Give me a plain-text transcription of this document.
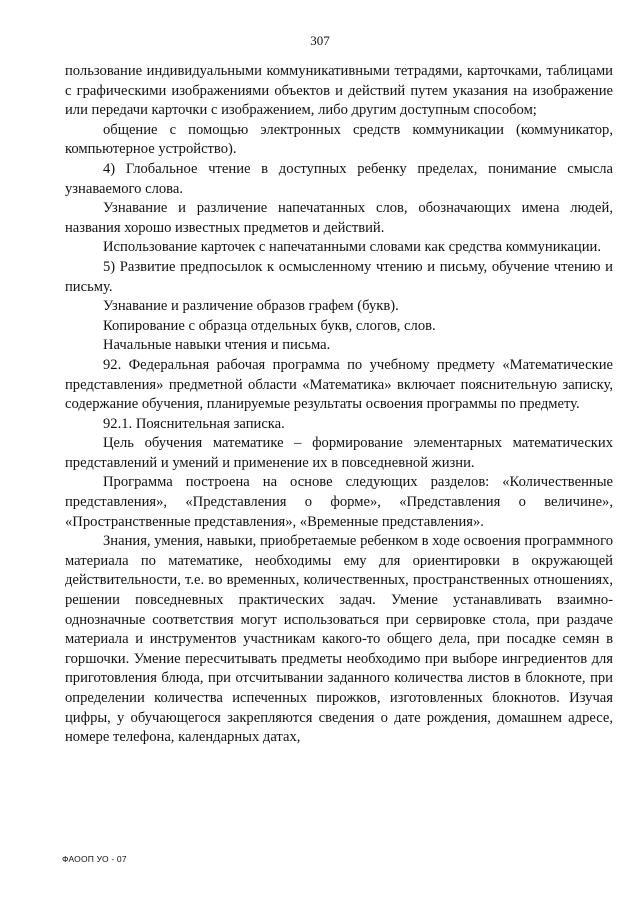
307

пользование индивидуальными коммуникативными тетрадями, карточками, таблицами с графическими изображениями объектов и действий путем указания на изображение или передачи карточки с изображением, либо другим доступным способом;

общение с помощью электронных средств коммуникации (коммуникатор, компьютерное устройство).

4) Глобальное чтение в доступных ребенку пределах, понимание смысла узнаваемого слова.

Узнавание и различение напечатанных слов, обозначающих имена людей, названия хорошо известных предметов и действий.

Использование карточек с напечатанными словами как средства коммуникации.

5) Развитие предпосылок к осмысленному чтению и письму, обучение чтению и письму.

Узнавание и различение образов графем (букв).

Копирование с образца отдельных букв, слогов, слов.

Начальные навыки чтения и письма.

92. Федеральная рабочая программа по учебному предмету «Математические представления» предметной области «Математика» включает пояснительную записку, содержание обучения, планируемые результаты освоения программы по предмету.

92.1. Пояснительная записка.

Цель обучения математике – формирование элементарных математических представлений и умений и применение их в повседневной жизни.

Программа построена на основе следующих разделов: «Количественные представления», «Представления о форме», «Представления о величине», «Пространственные представления», «Временные представления».

Знания, умения, навыки, приобретаемые ребенком в ходе освоения программного материала по математике, необходимы ему для ориентировки в окружающей действительности, т.е. во временных, количественных, пространственных отношениях, решении повседневных практических задач. Умение устанавливать взаимно-однозначные соответствия могут использоваться при сервировке стола, при раздаче материала и инструментов участникам какого-то общего дела, при посадке семян в горшочки. Умение пересчитывать предметы необходимо при выборе ингредиентов для приготовления блюда, при отсчитывании заданного количества листов в блокноте, при определении количества испеченных пирожков, изготовленных блокнотов. Изучая цифры, у обучающегося закрепляются сведения о дате рождения, домашнем адресе, номере телефона, календарных датах,

ФАООП УО - 07
